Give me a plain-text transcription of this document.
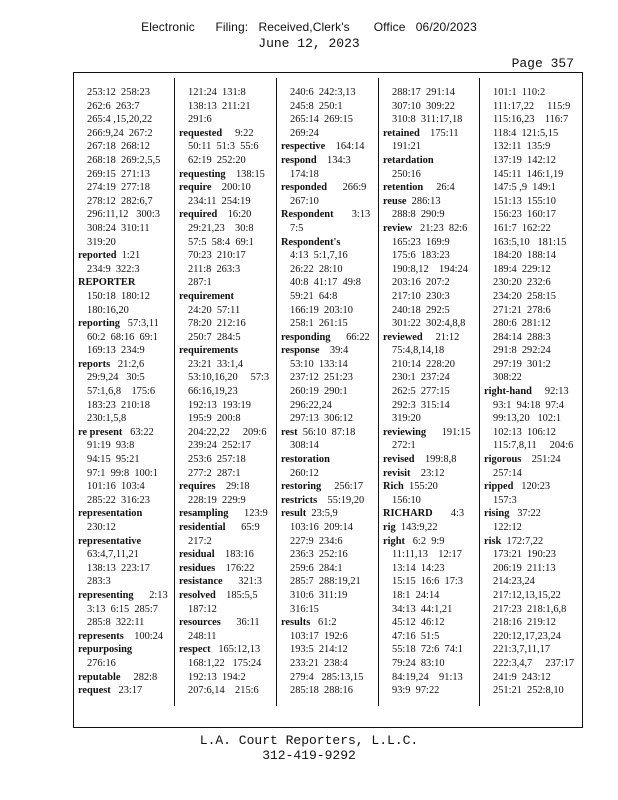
Electronic      Filing:   Received,Clerk's       Office   06/20/2023
June 12, 2023
Page 357
253:12  258:23
262:6  263:7
265:4 ,15,20,22
266:9,24  267:2
267:18  268:12
268:18  269:2,5,5
269:15  271:13
274:19  277:18
278:12  282:6,7
296:11,12   300:3
308:24  310:11
319:20
reported  1:21
234:9  322:3
REPORTER
150:18  180:12
180:16,20
reporting   57:3,11
60:2  68:16  69:1
169:13  234:9
reports   21:2,6
29:9,24   30:5
57:1,6,8    175:6
183:23  210:18
230:1,5,8
re present   63:22
91:19  93:8
94:15  95:21
97:1  99:8  100:1
101:16  103:4
285:22  316:23
representation
230:12
representative
63:4,7,11,21
138:13  223:17
283:3
representing      2:13
3:13  6:15  285:7
285:8  322:11
represents    100:24
repurposing
276:16
reputable     282:8
request   23:17
121:24  131:8
138:13  211:21
291:6
requested     9:22
50:11  51:3  55:6
62:19  252:20
requesting    138:15
require    200:10
234:11  254:19
required    16:20
29:21,23    30:8
57:5  58:4  69:1
70:23  210:17
211:8  263:3
287:1
requirement
24:20  57:11
78:20  212:16
250:7  284:5
requirements
23:21  33:1,4
53:10,16,20     57:3
66:16,19,23
192:13  193:19
195:9  200:8
204:22,22     209:6
239:24  252:17
253:6  257:18
277:2  287:1
requires    29:18
228:19  229:9
resampling      123:9
residential      65:9
217:2
residual    183:16
residues    176:22
resistance      321:3
resolved    185:5,5
187:12
resources      36:11
248:11
respect   165:12,13
168:1,22   175:24
192:13  194:2
207:6,14    215:6
240:6  242:3,13
245:8  250:1
265:14  269:15
269:24
respective    164:14
respond    134:3
174:18
responded      266:9
267:10
Respondent       3:13
7:5
Respondent's
4:13  5:1,7,16
26:22  28:10
40:8  41:17  49:8
59:21  64:8
166:19  203:10
258:1  261:15
responding      66:22
response    39:4
53:10  133:14
237:12  251:23
260:19  290:1
296:22,24
297:13  306:12
rest  56:10  87:18
308:14
restoration
260:12
restoring     256:17
restricts    55:19,20
result  23:5,9
103:16  209:14
227:9  234:6
236:3  252:16
259:6  284:1
285:7  288:19,21
310:6  311:19
316:15
results   61:2
103:17  192:6
193:5  214:12
233:21  238:4
279:4   285:13,15
285:18  288:16
288:17  291:14
307:10  309:22
310:8  311:17,18
retained    175:11
191:21
retardation
250:16
retention     26:4
reuse  286:13
288:8  290:9
review   21:23  82:6
165:23  169:9
175:6  183:23
190:8,12    194:24
203:16  207:2
217:10  230:3
240:18  292:5
301:22  302:4,8,8
reviewed     21:12
75:4,8,14,18
210:14  228:20
230:1  237:24
262:5  277:15
292:3  315:14
319:20
reviewing      191:15
272:1
revised    199:8,8
revisit    23:12
Rich  155:20
156:10
RICHARD       4:3
rig  143:9,22
right   6:2  9:9
11:11,13    12:17
13:14  14:23
15:15  16:6  17:3
18:1  24:14
34:13  44:1,21
45:12  46:12
47:16  51:5
55:18  72:6  74:1
79:24  83:10
84:19,24    91:13
93:9  97:22
101:1  110:2
111:17,22     115:9
115:16,23    116:7
118:4  121:5,15
132:11  135:9
137:19  142:12
145:11  146:1,19
147:5 ,9  149:1
151:13  155:10
156:23  160:17
161:7  162:22
163:5,10   181:15
184:20  188:14
189:4  229:12
230:20  232:6
234:20  258:15
271:21  278:6
280:6  281:12
284:14  288:3
291:8  292:24
297:19  301:2
308:22
right-hand     92:13
93:1  94:18  97:4
99:13,20   102:1
102:13  106:12
115:7,8,11     204:6
rigorous    251:24
257:14
ripped   120:23
157:3
rising   37:22
122:12
risk  172:7,22
173:21  190:23
206:19  211:13
214:23,24
217:12,13,15,22
217:23  218:1,6,8
218:16  219:12
220:12,17,23,24
221:3,7,11,17
222:3,4,7     237:17
241:9  243:12
251:21  252:8,10
L.A. Court Reporters, L.L.C.
312-419-9292
